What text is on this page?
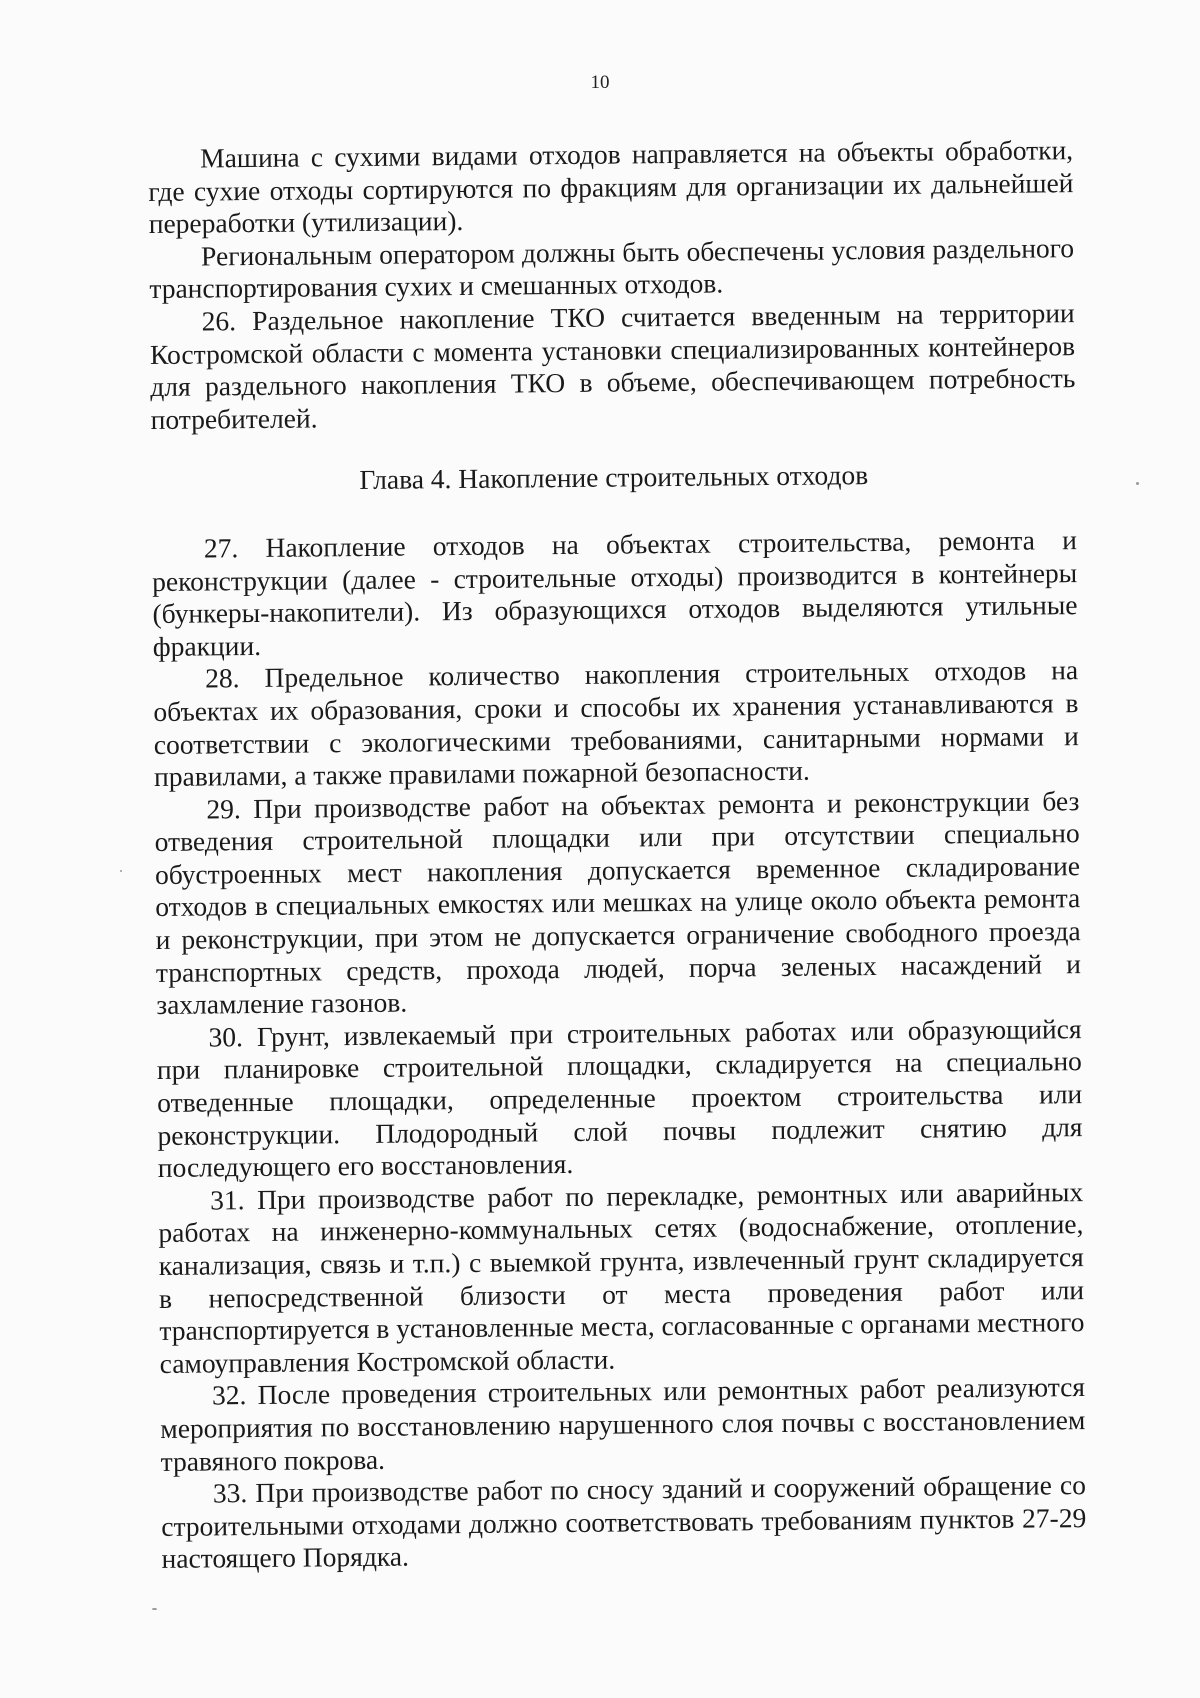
10

Машина с сухими видами отходов направляется на объекты обработки, где сухие отходы сортируются по фракциям для организации их дальнейшей переработки (утилизации).

Региональным оператором должны быть обеспечены условия раздельного транспортирования сухих и смешанных отходов.

26. Раздельное накопление ТКО считается введенным на территории Костромской области с момента установки специализированных контейнеров для раздельного накопления ТКО в объеме, обеспечивающем потребность потребителей.

Глава 4. Накопление строительных отходов

27. Накопление отходов на объектах строительства, ремонта и реконструкции (далее - строительные отходы) производится в контейнеры (бункеры-накопители). Из образующихся отходов выделяются утильные фракции.

28. Предельное количество накопления строительных отходов на объектах их образования, сроки и способы их хранения устанавливаются в соответствии с экологическими требованиями, санитарными нормами и правилами, а также правилами пожарной безопасности.

29. При производстве работ на объектах ремонта и реконструкции без отведения строительной площадки или при отсутствии специально обустроенных мест накопления допускается временное складирование отходов в специальных емкостях или мешках на улице около объекта ремонта и реконструкции, при этом не допускается ограничение свободного проезда транспортных средств, прохода людей, порча зеленых насаждений и захламление газонов.

30. Грунт, извлекаемый при строительных работах или образующийся при планировке строительной площадки, складируется на специально отведенные площадки, определенные проектом строительства или реконструкции. Плодородный слой почвы подлежит снятию для последующего его восстановления.

31. При производстве работ по перекладке, ремонтных или аварийных работах на инженерно-коммунальных сетях (водоснабжение, отопление, канализация, связь и т.п.) с выемкой грунта, извлеченный грунт складируется в непосредственной близости от места проведения работ или транспортируется в установленные места, согласованные с органами местного самоуправления Костромской области.

32. После проведения строительных или ремонтных работ реализуются мероприятия по восстановлению нарушенного слоя почвы с восстановлением травяного покрова.

33. При производстве работ по сносу зданий и сооружений обращение со строительными отходами должно соответствовать требованиям пунктов 27-29 настоящего Порядка.
